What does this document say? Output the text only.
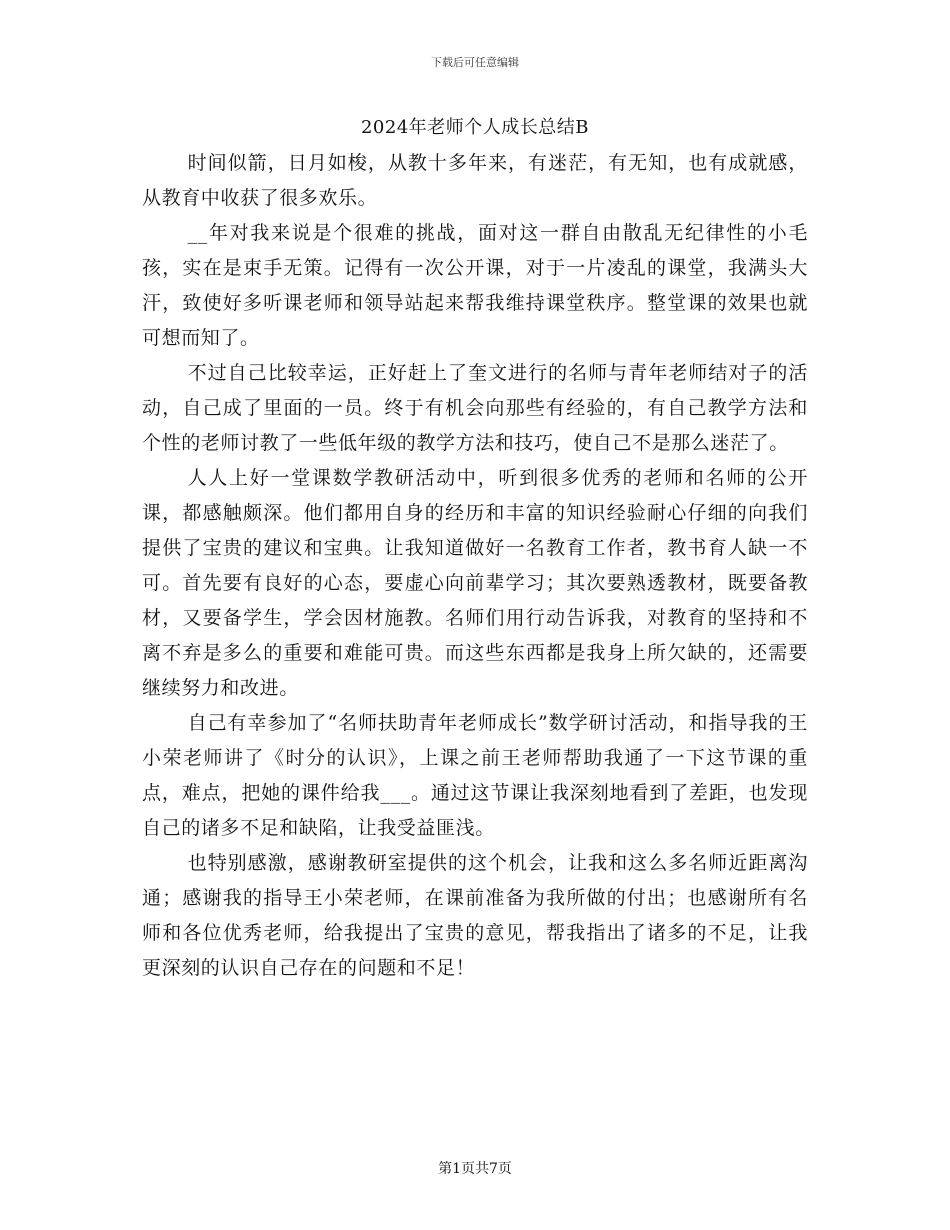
下载后可任意编辑
2024年老师个人成长总结B

时间似箭，日月如梭，从教十多年来，有迷茫，有无知，也有成就感，从教育中收获了很多欢乐。

__年对我来说是个很难的挑战，面对这一群自由散乱无纪律性的小毛孩，实在是束手无策。记得有一次公开课，对于一片凌乱的课堂，我满头大汗，致使好多听课老师和领导站起来帮我维持课堂秩序。整堂课的效果也就可想而知了。

不过自己比较幸运，正好赶上了奎文进行的名师与青年老师结对子的活动，自己成了里面的一员。终于有机会向那些有经验的，有自己教学方法和个性的老师讨教了一些低年级的教学方法和技巧，使自己不是那么迷茫了。

人人上好一堂课数学教研活动中，听到很多优秀的老师和名师的公开课，都感触颇深。他们都用自身的经历和丰富的知识经验耐心仔细的向我们提供了宝贵的建议和宝典。让我知道做好一名教育工作者，教书育人缺一不可。首先要有良好的心态，要虚心向前辈学习；其次要熟透教材，既要备教材，又要备学生，学会因材施教。名师们用行动告诉我，对教育的坚持和不离不弃是多么的重要和难能可贵。而这些东西都是我身上所欠缺的，还需要继续努力和改进。

自己有幸参加了“名师扶助青年老师成长”数学研讨活动，和指导我的王小荣老师讲了《时分的认识》，上课之前王老师帮助我通了一下这节课的重点，难点，把她的课件给我___。通过这节课让我深刻地看到了差距，也发现自己的诸多不足和缺陷，让我受益匪浅。

也特别感激，感谢教研室提供的这个机会，让我和这么多名师近距离沟通；感谢我的指导王小荣老师，在课前准备为我所做的付出；也感谢所有名师和各位优秀老师，给我提出了宝贵的意见，帮我指出了诸多的不足，让我更深刻的认识自己存在的问题和不足！

第1页共7页
